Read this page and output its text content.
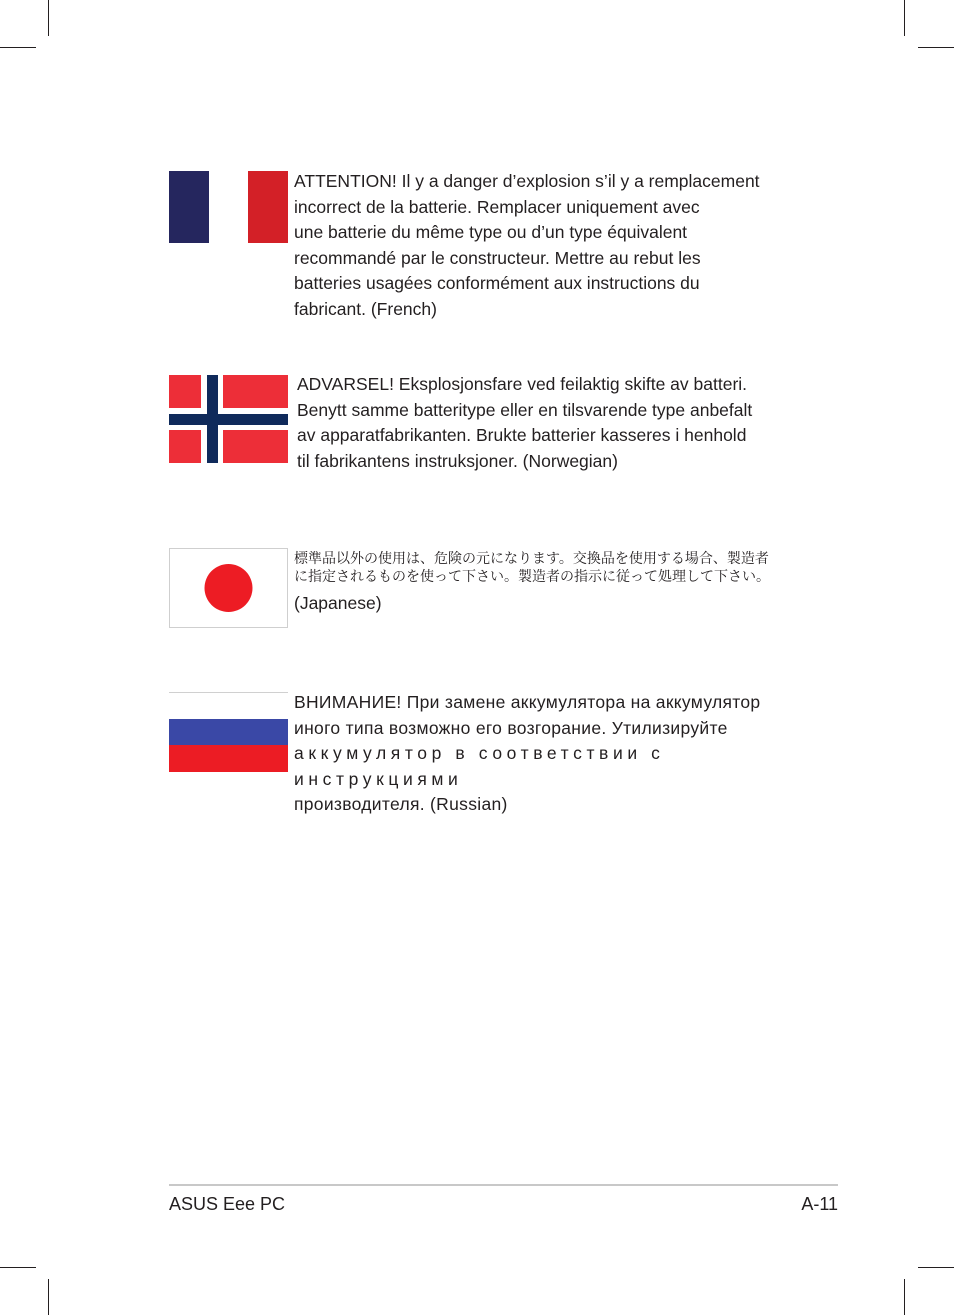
ATTENTION! Il y a danger d’explosion s’il y a remplacement
incorrect de la batterie. Remplacer uniquement avec
une batterie du même type ou d’un type équivalent
recommandé par le constructeur. Mettre au rebut les
batteries usagées conformément aux instructions du
fabricant. (French)
ADVARSEL! Eksplosjonsfare ved feilaktig skifte av batteri.
Benytt samme batteritype eller en tilsvarende type anbefalt
av apparatfabrikanten. Brukte batterier kasseres i henhold
til fabrikantens instruksjoner. (Norwegian)
標準品以外の使用は、危険の元になります。交換品を使用する場合、製造者
に指定されるものを使って下さい。製造者の指示に従って処理して下さい。
(Japanese)
ВНИМАНИЕ! При замене аккумулятора на аккумулятор
иного типа возможно его возгорание. Утилизируйте
аккумулятор в соответствии с инструкциями
производителя. (Russian)
ASUS Eee PC	A-11
